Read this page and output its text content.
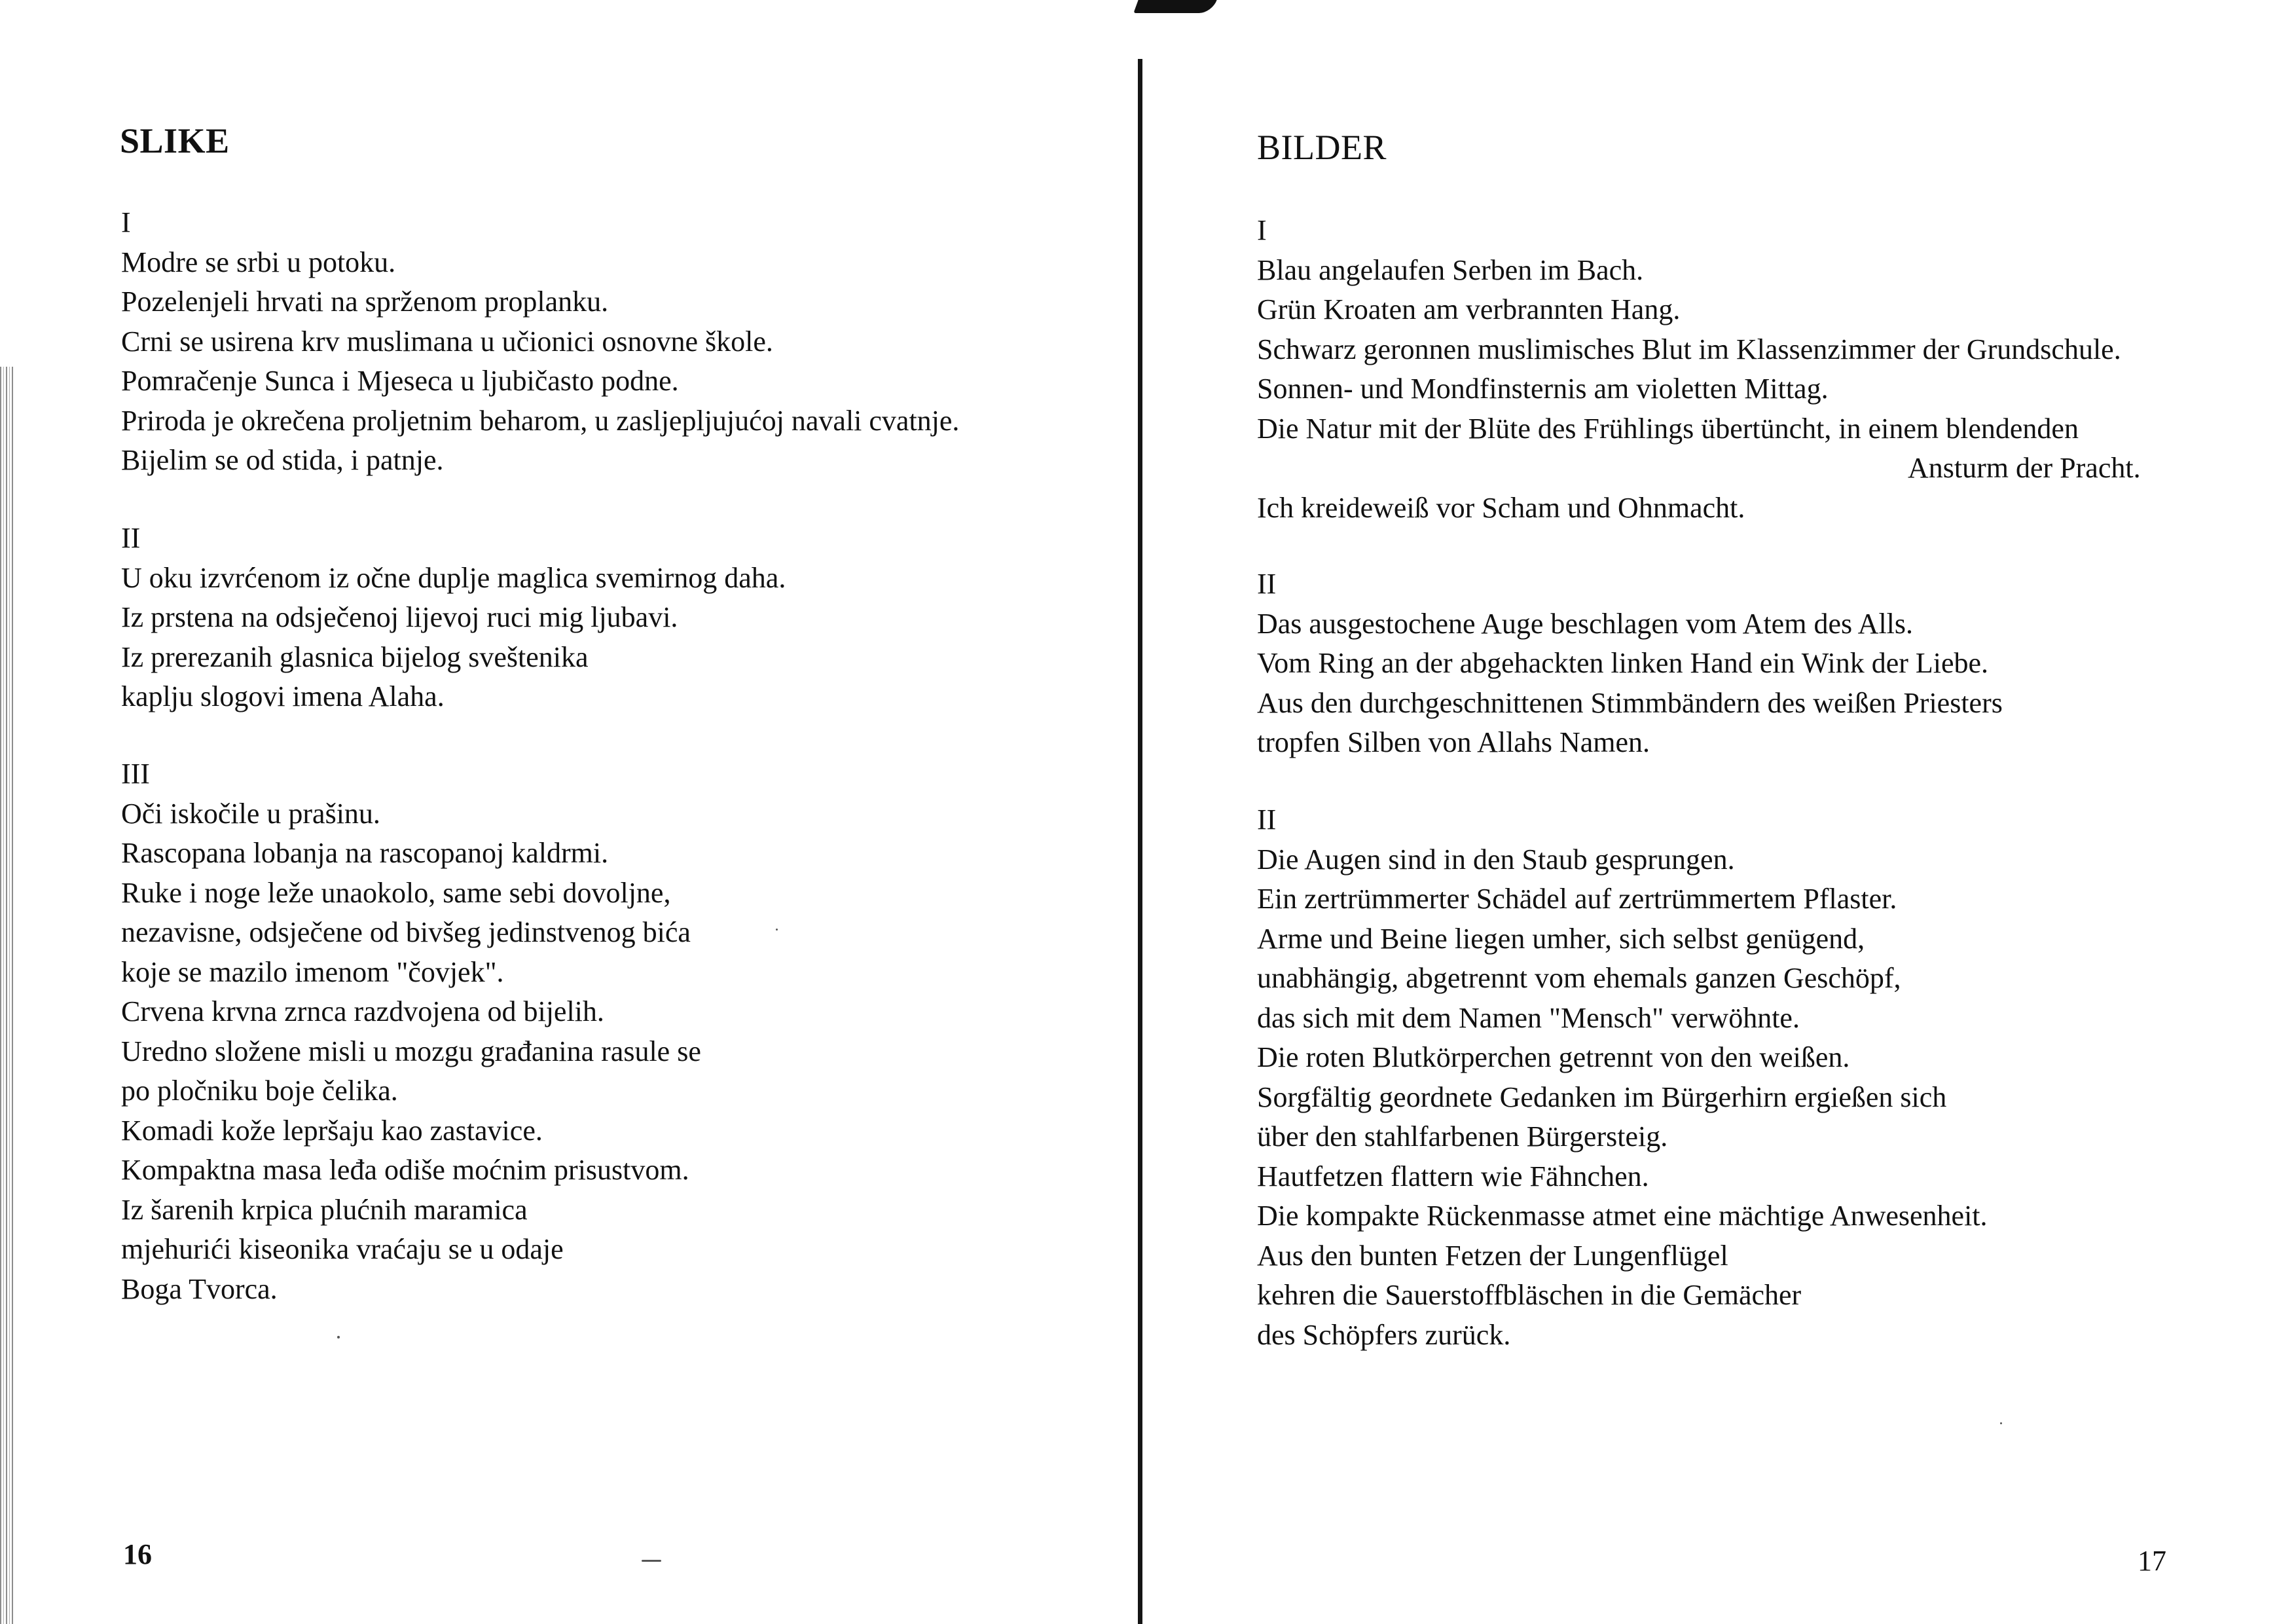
SLIKE
I
Modre se srbi u potoku.
Pozelenjeli hrvati na spržеnom proplanku.
Crni se usirena krv muslimana u učionici osnovne škole.
Pomračenje Sunca i Mjeseca u ljubičasto podne.
Priroda je okrečena proljetnim beharom, u zasljepljujućoj navali cvatnje.
Bijelim se od stida, i patnje.
II
U oku izvrćenom iz očne duplje maglica svemirnog daha.
Iz prstena na odsječenoj lijevoj ruci mig ljubavi.
Iz prerezanih glasnica bijelog sveštenika
kaplju slogovi imena Alaha.
III
Oči iskočile u prašinu.
Rascopana lobanja na rascopanoj kaldrmi.
Ruke i noge leže unaokolo, same sebi dovoljne,
nezavisne, odsječene od bivšeg jedinstvenog bića
koje se mazilo imenom "čovjek".
Crvena krvna zrnca razdvojena od bijelih.
Uredno složene misli u mozgu građanina rasule se
po pločniku boje čelika.
Komadi kože lepršaju kao zastavice.
Kompaktna masa leđa odiše moćnim prisustvom.
Iz šarenih krpica plućnih maramica
mjehurići kiseonika vraćaju se u odaje
Boga Tvorca.
16
BILDER
I
Blau angelaufen Serben im Bach.
Grün Kroaten am verbrannten Hang.
Schwarz geronnen muslimisches Blut im Klassenzimmer der Grundschule.
Sonnen- und Mondfinsternis am violetten Mittag.
Die Natur mit der Blüte des Frühlings übertüncht, in einem blendenden
Ansturm der Pracht.
Ich kreideweiß vor Scham und Ohnmacht.
II
Das ausgestochene Auge beschlagen vom Atem des Alls.
Vom Ring an der abgehackten linken Hand ein Wink der Liebe.
Aus den durchgeschnittenen Stimmbändern des weißen Priesters
tropfen Silben von Allahs Namen.
II
Die Augen sind in den Staub gesprungen.
Ein zertrümmerter Schädel auf zertrümmertem Pflaster.
Arme und Beine liegen umher, sich selbst genügend,
unabhängig, abgetrennt vom ehemals ganzen Geschöpf,
das sich mit dem Namen "Mensch" verwöhnte.
Die roten Blutkörperchen getrennt von den weißen.
Sorgfältig geordnete Gedanken im Bürgerhirn ergießen sich
über den stahlfarbenen Bürgersteig.
Hautfetzen flattern wie Fähnchen.
Die kompakte Rückenmasse atmet eine mächtige Anwesenheit.
Aus den bunten Fetzen der Lungenflügel
kehren die Sauerstoffbläschen in die Gemächer
des Schöpfers zurück.
17
